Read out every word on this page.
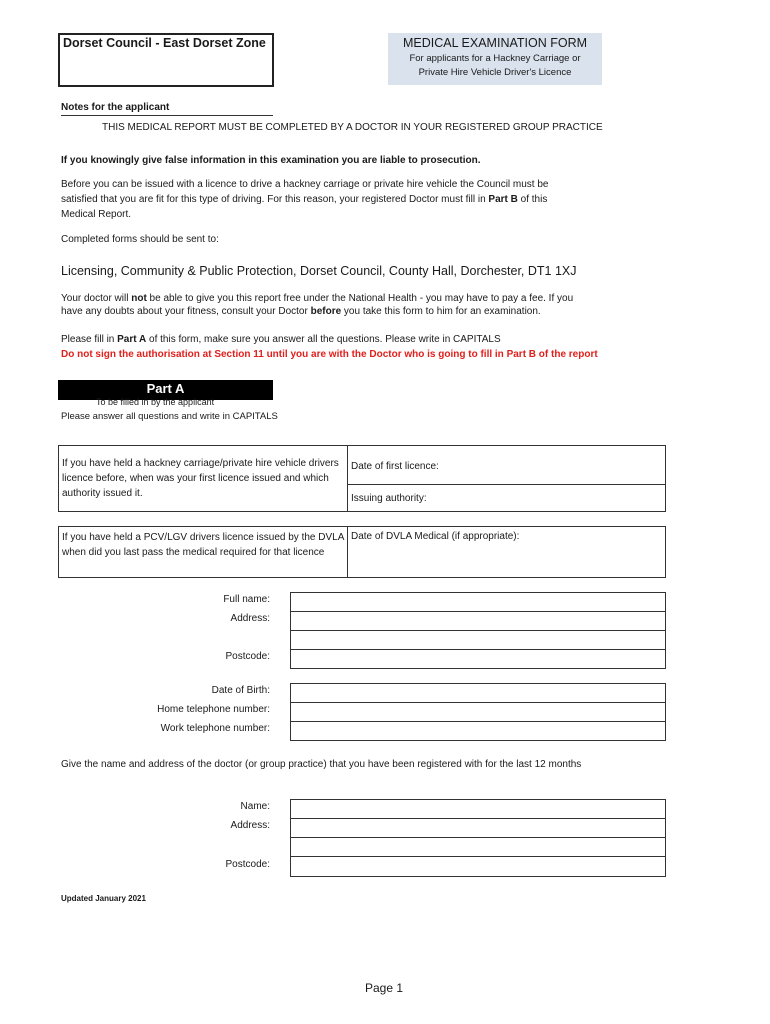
Dorset Council - East Dorset Zone	MEDICAL EXAMINATION FORM
For applicants for a Hackney Carriage or
Private Hire Vehicle Driver's Licence
Notes for the applicant
THIS MEDICAL REPORT MUST BE COMPLETED BY A DOCTOR IN YOUR REGISTERED GROUP PRACTICE
If you knowingly give false information in this examination you are liable to prosecution.
Before you can be issued with a licence to drive a hackney carriage or private hire vehicle the Council must be
satisfied that you are fit for this type of driving. For this reason, your registered Doctor must fill in Part B of this
Medical Report.
Completed forms should be sent to:
Licensing, Community & Public Protection, Dorset Council, County Hall, Dorchester, DT1 1XJ
Your doctor will not be able to give you this report free under the National Health - you may have to pay a fee. If you
have any doubts about your fitness, consult your Doctor before you take this form to him for an examination.
Please fill in Part A of this form, make sure you answer all the questions. Please write in CAPITALS
Do not sign the authorisation at Section 11 until you are with the Doctor who is going to fill in Part B of the report
Part A
To be filled in by the applicant
Please answer all questions and write in CAPITALS
If you have held a hackney carriage/private hire vehicle drivers licence before, when was your first licence issued and which authority issued it.
Date of first licence:
Issuing authority:
If you have held a PCV/LGV drivers licence issued by the DVLA when did you last pass the medical required for that licence
Date of DVLA Medical (if appropriate):
Full name:
Address:
Postcode:
Date of Birth:
Home telephone number:
Work telephone number:
Give the name and address of the doctor (or group practice) that you have been registered with for the last 12 months
Name:
Address:
Postcode:
Updated January 2021
Page 1
